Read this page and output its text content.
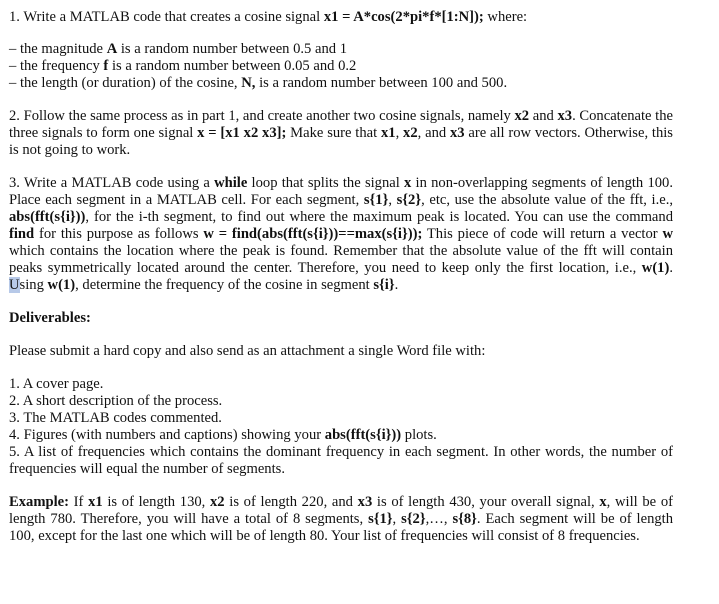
1. Write a MATLAB code that creates a cosine signal x1 = A*cos(2*pi*f*[1:N]); where:

– the magnitude A is a random number between 0.5 and 1

– the frequency f is a random number between 0.05 and 0.2

– the length (or duration) of the cosine, N, is a random number between 100 and 500.

2. Follow the same process as in part 1, and create another two cosine signals, namely x2 and x3. Concatenate the three signals to form one signal x = [x1 x2 x3]; Make sure that x1, x2, and x3 are all row vectors. Otherwise, this is not going to work.

3. Write a MATLAB code using a while loop that splits the signal x in non-overlapping segments of length 100. Place each segment in a MATLAB cell. For each segment, s{1}, s{2}, etc, use the absolute value of the fft, i.e., abs(fft(s{i})), for the i-th segment, to find out where the maximum peak is located. You can use the command find for this purpose as follows w = find(abs(fft(s{i}))==max(s{i})); This piece of code will return a vector w which contains the location where the peak is found. Remember that the absolute value of the fft will contain peaks symmetrically located around the center. Therefore, you need to keep only the first location, i.e., w(1). Using w(1), determine the frequency of the cosine in segment s{i}.

Deliverables:

Please submit a hard copy and also send as an attachment a single Word file with:

1. A cover page.

2. A short description of the process.

3. The MATLAB codes commented.

4. Figures (with numbers and captions) showing your abs(fft(s{i})) plots.

5. A list of frequencies which contains the dominant frequency in each segment. In other words, the number of frequencies will equal the number of segments.

Example: If x1 is of length 130, x2 is of length 220, and x3 is of length 430, your overall signal, x, will be of length 780. Therefore, you will have a total of 8 segments, s{1}, s{2},…, s{8}. Each segment will be of length 100, except for the last one which will be of length 80. Your list of frequencies will consist of 8 frequencies.
